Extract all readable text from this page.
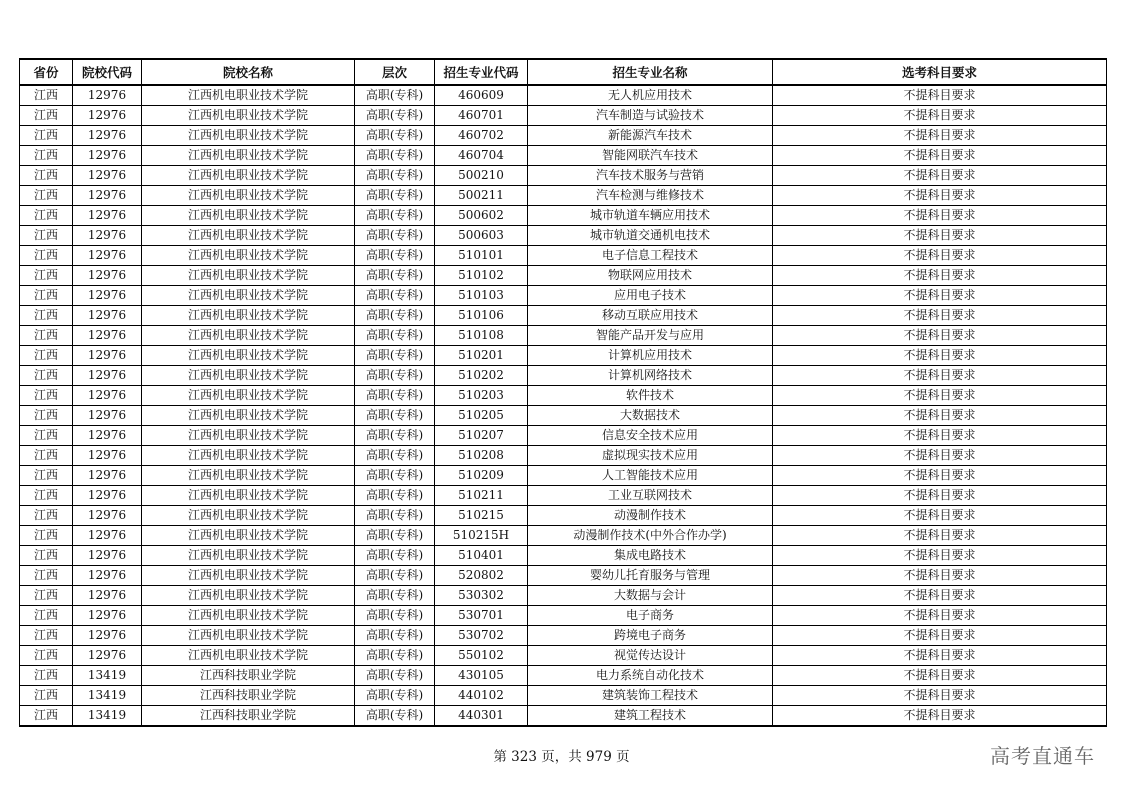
省份	院校代码	院校名称	层次	招生专业代码	招生专业名称	选考科目要求
江西	12976	江西机电职业技术学院	高职(专科)	460609	无人机应用技术	不提科目要求
江西	12976	江西机电职业技术学院	高职(专科)	460701	汽车制造与试验技术	不提科目要求
江西	12976	江西机电职业技术学院	高职(专科)	460702	新能源汽车技术	不提科目要求
江西	12976	江西机电职业技术学院	高职(专科)	460704	智能网联汽车技术	不提科目要求
江西	12976	江西机电职业技术学院	高职(专科)	500210	汽车技术服务与营销	不提科目要求
江西	12976	江西机电职业技术学院	高职(专科)	500211	汽车检测与维修技术	不提科目要求
江西	12976	江西机电职业技术学院	高职(专科)	500602	城市轨道车辆应用技术	不提科目要求
江西	12976	江西机电职业技术学院	高职(专科)	500603	城市轨道交通机电技术	不提科目要求
江西	12976	江西机电职业技术学院	高职(专科)	510101	电子信息工程技术	不提科目要求
江西	12976	江西机电职业技术学院	高职(专科)	510102	物联网应用技术	不提科目要求
江西	12976	江西机电职业技术学院	高职(专科)	510103	应用电子技术	不提科目要求
江西	12976	江西机电职业技术学院	高职(专科)	510106	移动互联应用技术	不提科目要求
江西	12976	江西机电职业技术学院	高职(专科)	510108	智能产品开发与应用	不提科目要求
江西	12976	江西机电职业技术学院	高职(专科)	510201	计算机应用技术	不提科目要求
江西	12976	江西机电职业技术学院	高职(专科)	510202	计算机网络技术	不提科目要求
江西	12976	江西机电职业技术学院	高职(专科)	510203	软件技术	不提科目要求
江西	12976	江西机电职业技术学院	高职(专科)	510205	大数据技术	不提科目要求
江西	12976	江西机电职业技术学院	高职(专科)	510207	信息安全技术应用	不提科目要求
江西	12976	江西机电职业技术学院	高职(专科)	510208	虚拟现实技术应用	不提科目要求
江西	12976	江西机电职业技术学院	高职(专科)	510209	人工智能技术应用	不提科目要求
江西	12976	江西机电职业技术学院	高职(专科)	510211	工业互联网技术	不提科目要求
江西	12976	江西机电职业技术学院	高职(专科)	510215	动漫制作技术	不提科目要求
江西	12976	江西机电职业技术学院	高职(专科)	510215H	动漫制作技术(中外合作办学)	不提科目要求
江西	12976	江西机电职业技术学院	高职(专科)	510401	集成电路技术	不提科目要求
江西	12976	江西机电职业技术学院	高职(专科)	520802	婴幼儿托育服务与管理	不提科目要求
江西	12976	江西机电职业技术学院	高职(专科)	530302	大数据与会计	不提科目要求
江西	12976	江西机电职业技术学院	高职(专科)	530701	电子商务	不提科目要求
江西	12976	江西机电职业技术学院	高职(专科)	530702	跨境电子商务	不提科目要求
江西	12976	江西机电职业技术学院	高职(专科)	550102	视觉传达设计	不提科目要求
江西	13419	江西科技职业学院	高职(专科)	430105	电力系统自动化技术	不提科目要求
江西	13419	江西科技职业学院	高职(专科)	440102	建筑装饰工程技术	不提科目要求
江西	13419	江西科技职业学院	高职(专科)	440301	建筑工程技术	不提科目要求
第 323 页，共 979 页	高考直通车
